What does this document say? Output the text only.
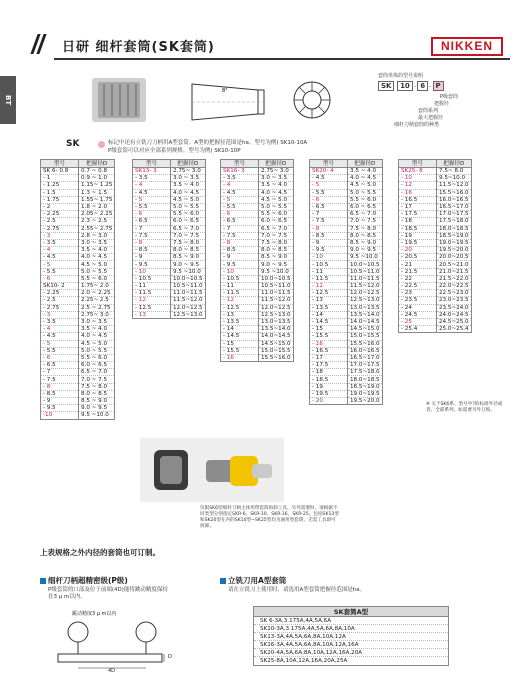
BT
日研 细杆套筒(SK套筒)	NIKKEN
8°
套筒单体的型号说明
SK 10 - 6 - P
P级套筒
把握径
套筒系列
最大把握径
细杆刀柄套筒的种类
SK	标记中还有立铣刀刀柄用A型套筒。A型的把握径范围是ha。型号为例) SK10-10A
P级套筒可以对应全部系列规格。型号为例) SK10-10P
型号	把握径D
SK 6- 0.8	0.7 ~ 0.8
- 1	0.9 ~ 1.0
- 1.25	1.15~ 1.25
- 1.5	1.3 ~ 1.5
- 1.75	1.55~ 1.75
- 2	1.8 ~ 2.0
- 2.25	2.05~ 2.25
- 2.5	2.3 ~ 2.5
- 2.75	2.55~ 2.75
- 3	2.8 ~ 3.0
- 3.5	3.0 ~ 3.5
- 4	3.5 ~ 4.0
- 4.5	4.0 ~ 4.5
- 5	4.5 ~ 5.0
- 5.5	5.0 ~ 5.5
- 6	5.5 ~ 6.0
SK10- 2	1.75~ 2.0
- 2.25	2.0 ~ 2.25
- 2.5	2.25~ 2.5
- 2.75	2.5 ~ 2.75
- 3	2.75~ 3.0
- 3.5	3.0 ~ 3.5
- 4	3.5 ~ 4.0
- 4.5	4.0 ~ 4.5
- 5	4.5 ~ 5.0
- 5.5	5.0 ~ 5.5
- 6	5.5 ~ 6.0
- 6.5	6.0 ~ 6.5
- 7	6.5 ~ 7.0
- 7.5	7.0 ~ 7.5
- 8	7.5 ~ 8.0
- 8.5	8.0 ~ 8.5
- 9	8.5 ~ 9.0
- 9.5	9.0 ~ 9.5
-10	9.5 ~10.0
型号	把握径D
SK13- 3	2.75~ 3.0
- 3.5	3.0 ~ 3.5
- 4	3.5 ~ 4.0
- 4.5	4.0 ~ 4.5
- 5	4.5 ~ 5.0
- 5.5	5.0 ~ 5.5
- 6	5.5 ~ 6.0
- 6.5	6.0 ~ 6.5
- 7	6.5 ~ 7.0
- 7.5	7.0 ~ 7.5
- 8	7.5 ~ 8.0
- 8.5	8.0 ~ 8.5
- 9	8.5 ~ 9.0
- 9.5	9.0 ~ 9.5
- 10	9.5 ~10.0
- 10.5	10.0~10.5
- 11	10.5~11.0
- 11.5	11.0~11.5
- 12	11.5~12.0
- 12.5	12.0~12.5
- 13	12.5~13.0
型号	把握径D
SK16- 3	2.75~ 3.0
- 3.5	3.0 ~ 3.5
- 4	3.5 ~ 4.0
- 4.5	4.0 ~ 4.5
- 5	4.5 ~ 5.0
- 5.5	5.0 ~ 5.5
- 6	5.5 ~ 6.0
- 6.5	6.0 ~ 6.5
- 7	6.5 ~ 7.0
- 7.5	7.0 ~ 7.5
- 8	7.5 ~ 8.0
- 8.5	8.0 ~ 8.5
- 9	8.5 ~ 9.0
- 9.5	9.0 ~ 9.5
- 10	9.5 ~10.0
- 10.5	10.0~10.5
- 11	10.5~11.0
- 11.5	11.0~11.5
- 12	11.5~12.0
- 12.5	12.0~12.5
- 13	12.5~13.0
- 13.5	13.0~13.5
- 14	13.5~14.0
- 14.5	14.0~14.5
- 15	14.5~15.0
- 15.5	15.0~15.5
- 16	15.5~16.0
型号	把握径D
SK20- 4	3.5 ~ 4.0
- 4.5	4.0 ~ 4.5
- 5	4.5 ~ 5.0
- 5.5	5.0 ~ 5.5
- 6	5.5 ~ 6.0
- 6.5	6.0 ~ 6.5
- 7	6.5 ~ 7.0
- 7.5	7.0 ~ 7.5
- 8	7.5 ~ 8.0
- 8.5	8.0 ~ 8.5
- 9	8.5 ~ 9.0
- 9.5	9.0 ~ 9.5
- 10	9.5 ~10.0
- 10.5	10.0~10.5
- 11	10.5~11.0
- 11.5	11.0~11.5
- 12	11.5~12.0
- 12.5	12.0~12.5
- 13	12.5~13.0
- 13.5	13.0~13.5
- 14	13.5~14.0
- 14.5	14.0~14.5
- 15	14.5~15.0
- 15.5	15.0~15.5
- 16	15.5~16.0
- 16.5	16.0~16.5
- 17	16.5~17.0
- 17.5	17.0~17.5
- 18	17.5~18.0
- 18.5	18.0~18.5
- 19	18.5~19.0
- 19.5	19.0~19.5
- 20	19.5~20.0
型号	把握径D
SK25- 8	7.5~ 8.0
- 10	9.5~10.0
- 12	11.5~12.0
- 16	15.5~16.0
- 16.5	16.0~16.5
- 17	16.5~17.0
- 17.5	17.0~17.5
- 18	17.5~18.0
- 18.5	18.0~18.5
- 19	18.5~19.0
- 19.5	19.0~19.5
- 20	19.5~20.0
- 20.5	20.0~20.5
- 21	20.5~21.0
- 21.5	21.0~21.5
- 22	21.5~22.0
- 22.5	22.0~22.5
- 23	22.5~23.0
- 23.5	23.0~23.5
- 24	23.5~24.0
- 24.5	24.0~24.5
- 25	24.5~25.0
- 25.4	25.0~25.4
※ 关于SK6系、型号中?的标准外径或者、全部系列。如需要另外订购。
仅限SK6型细杆刀柄主体用带套筒拆卸工具。另外需要时、请根据不同类型分别指定SKR-6、SKR-10、SKR-16、SKR-25。包括SK13型和SK20型在内的SK10型~SK25型均为通用型套筒、无需工具即可拆卸。
上表规格之外内径的套筒也可订制。
细杆刀柄超精密级(P级)
P级套筒的口部及位于前端(4D)能将跳动精度保持在3 μ m以内。
跳动精度3 μ m以内
4D
D
立铣刀用A型套筒
请在立铣刀上使用时、请选用A型套筒把握径范围是ha。
SK套筒A型
SK 6-3A,3.175A,4A,5A,6A
SK10-3A,3.175A,4A,5A,6A,8A,10A
SK13-3A,4A,5A,6A,8A,10A,12A
SK16-3A,4A,5A,6A,8A,10A,12A,16A
SK20-4A,5A,6A,8A,10A,12A,16A,20A
SK25-8A,10A,12A,16A,20A,25A
